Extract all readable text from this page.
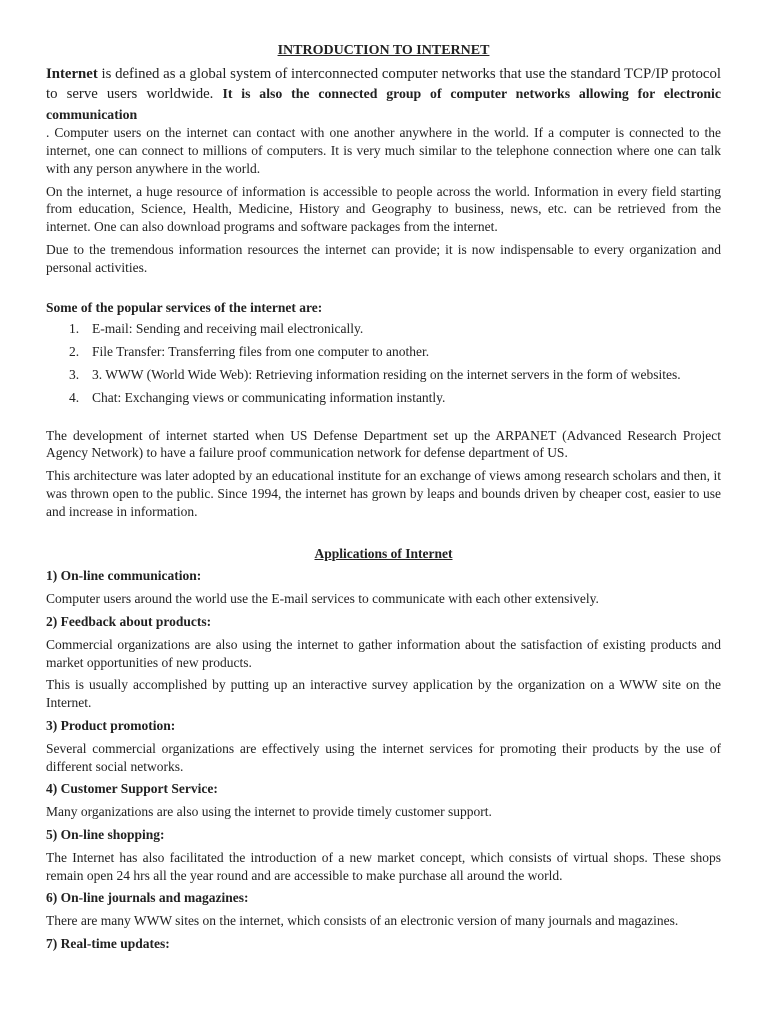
INTRODUCTION TO INTERNET

Internet is defined as a global system of interconnected computer networks that use the standard TCP/IP protocol to serve users worldwide. It is also the connected group of computer networks allowing for electronic communication

. Computer users on the internet can contact with one another anywhere in the world. If a computer is connected to the internet, one can connect to millions of computers. It is very much similar to the telephone connection where one can talk with any person anywhere in the world.

On the internet, a huge resource of information is accessible to people across the world. Information in every field starting from education, Science, Health, Medicine, History and Geography to business, news, etc. can be retrieved from the internet. One can also download programs and software packages from the internet.

Due to the tremendous information resources the internet can provide; it is now indispensable to every organization and personal activities.

Some of the popular services of the internet are:

1. E-mail: Sending and receiving mail electronically.
2. File Transfer: Transferring files from one computer to another.
3. 3. WWW (World Wide Web): Retrieving information residing on the internet servers in the form of websites.
4. Chat: Exchanging views or communicating information instantly.

The development of internet started when US Defense Department set up the ARPANET (Advanced Research Project Agency Network) to have a failure proof communication network for defense department of US.

This architecture was later adopted by an educational institute for an exchange of views among research scholars and then, it was thrown open to the public. Since 1994, the internet has grown by leaps and bounds driven by cheaper cost, easier to use and increase in information.

Applications of Internet

1) On-line communication:

Computer users around the world use the E-mail services to communicate with each other extensively.

2) Feedback about products:

Commercial organizations are also using the internet to gather information about the satisfaction of existing products and market opportunities of new products.

This is usually accomplished by putting up an interactive survey application by the organization on a WWW site on the Internet.

3) Product promotion:

Several commercial organizations are effectively using the internet services for promoting their products by the use of different social networks.

4) Customer Support Service:

Many organizations are also using the internet to provide timely customer support.

5) On-line shopping:

The Internet has also facilitated the introduction of a new market concept, which consists of virtual shops. These shops remain open 24 hrs all the year round and are accessible to make purchase all around the world.

6) On-line journals and magazines:

There are many WWW sites on the internet, which consists of an electronic version of many journals and magazines.

7) Real-time updates:
